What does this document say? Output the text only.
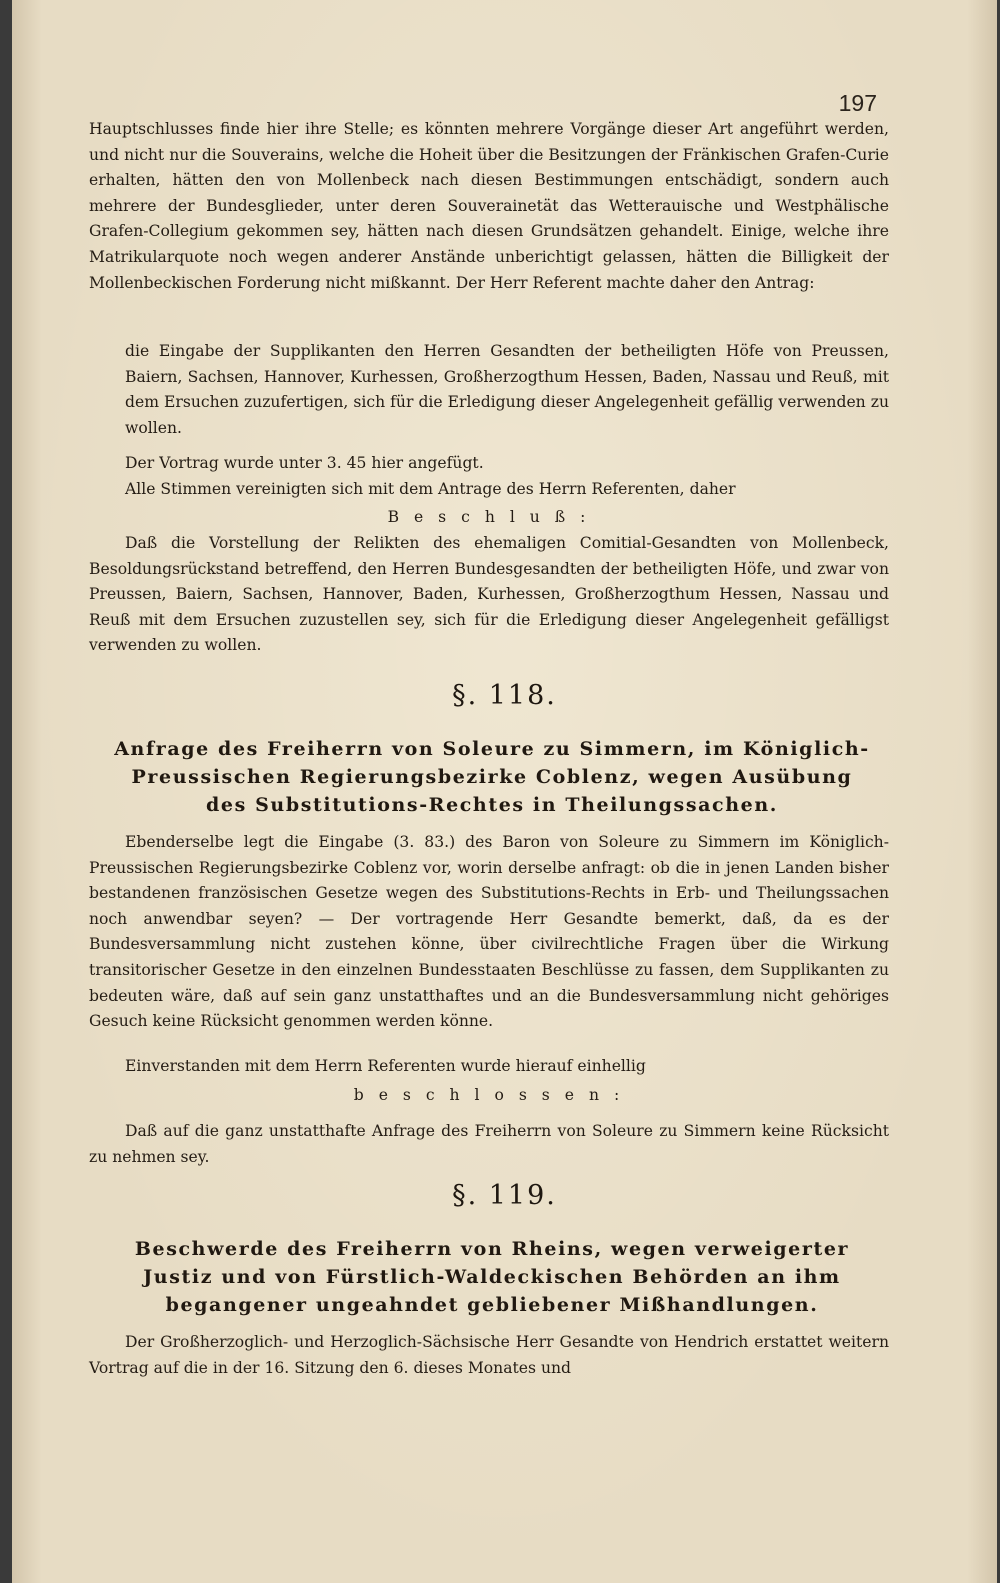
197

Hauptschlusses finde hier ihre Stelle; es könnten mehrere Vorgänge dieser Art angeführt werden, und nicht nur die Souverains, welche die Hoheit über die Besitzungen der Fränkischen Grafen-Curie erhalten, hätten den von Mollenbeck nach diesen Bestimmungen entschädigt, sondern auch mehrere der Bundesglieder, unter deren Souverainetät das Wetterauische und Westphälische Grafen-Collegium gekommen sey, hätten nach diesen Grundsätzen gehandelt. Einige, welche ihre Matrikularquote noch wegen anderer Anstände unberichtigt gelassen, hätten die Billigkeit der Mollenbeckischen Forderung nicht mißkannt. Der Herr Referent machte daher den Antrag:

die Eingabe der Supplikanten den Herren Gesandten der betheiligten Höfe von Preussen, Baiern, Sachsen, Hannover, Kurhessen, Großherzogthum Hessen, Baden, Nassau und Reuß, mit dem Ersuchen zuzufertigen, sich für die Erledigung dieser Angelegenheit gefällig verwenden zu wollen.

Der Vortrag wurde unter 3. 45 hier angefügt.

Alle Stimmen vereinigten sich mit dem Antrage des Herrn Referenten, daher

B e s c h l u ß :

Daß die Vorstellung der Relikten des ehemaligen Comitial-Gesandten von Mollenbeck, Besoldungsrückstand betreffend, den Herren Bundesgesandten der betheiligten Höfe, und zwar von Preussen, Baiern, Sachsen, Hannover, Baden, Kurhessen, Großherzogthum Hessen, Nassau und Reuß mit dem Ersuchen zuzustellen sey, sich für die Erledigung dieser Angelegenheit gefälligst verwenden zu wollen.

§. 118.
Anfrage des Freiherrn von Soleure zu Simmern, im Königlich-Preussischen Regierungsbezirke Coblenz, wegen Ausübung des Substitutions-Rechtes in Theilungssachen.

Ebenderselbe legt die Eingabe (3. 83.) des Baron von Soleure zu Simmern im Königlich-Preussischen Regierungsbezirke Coblenz vor, worin derselbe anfragt: ob die in jenen Landen bisher bestandenen französischen Gesetze wegen des Substitutions-Rechts in Erb- und Theilungssachen noch anwendbar seyen? — Der vortragende Herr Gesandte bemerkt, daß, da es der Bundesversammlung nicht zustehen könne, über civilrechtliche Fragen über die Wirkung transitorischer Gesetze in den einzelnen Bundesstaaten Beschlüsse zu fassen, dem Supplikanten zu bedeuten wäre, daß auf sein ganz unstatthaftes und an die Bundesversammlung nicht gehöriges Gesuch keine Rücksicht genommen werden könne.

Einverstanden mit dem Herrn Referenten wurde hierauf einhellig

b e s c h l o s s e n :

Daß auf die ganz unstatthafte Anfrage des Freiherrn von Soleure zu Simmern keine Rücksicht zu nehmen sey.

§. 119.
Beschwerde des Freiherrn von Rheins, wegen verweigerter Justiz und von Fürstlich-Waldeckischen Behörden an ihm begangener ungeahndet gebliebener Mißhandlungen.

Der Großherzoglich- und Herzoglich-Sächsische Herr Gesandte von Hendrich erstattet weitern Vortrag auf die in der 16. Sitzung den 6. dieses Monates und
